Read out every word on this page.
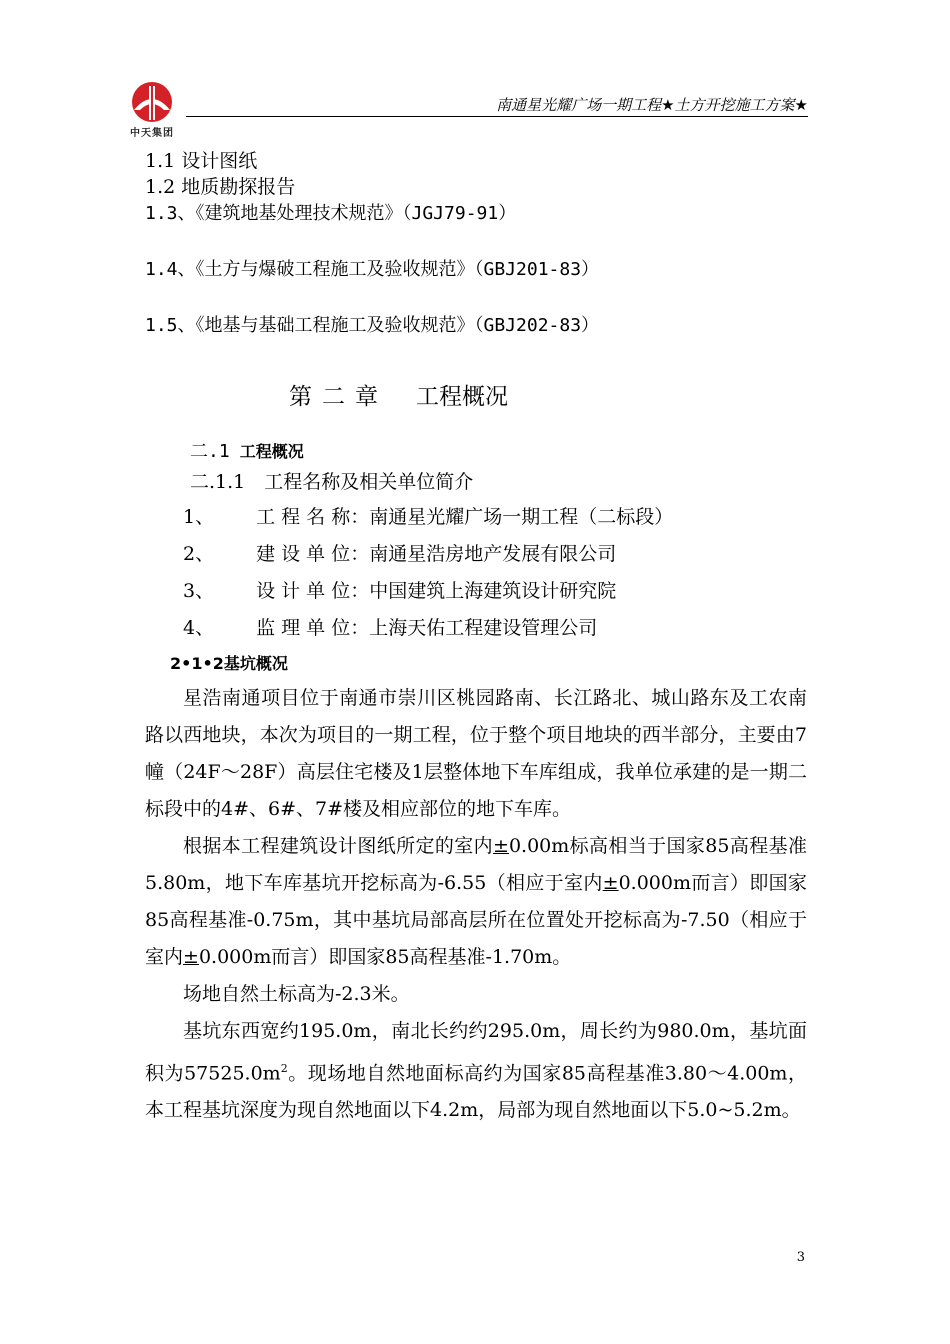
中天集团
南通星光耀广场一期工程★土方开挖施工方案★
1.1 设计图纸
1.2 地质勘探报告
1.3、《建筑地基处理技术规范》（JGJ79-91）
1.4、《土方与爆破工程施工及验收规范》（GBJ201-83）
1.5、《地基与基础工程施工及验收规范》（GBJ202-83）
第二章 工程概况
二.1 工程概况
二.1.1　工程名称及相关单位简介
1、 工 程 名 称：南通星光耀广场一期工程（二标段）
2、 建 设 单 位：南通星浩房地产发展有限公司
3、 设 计 单 位：中国建筑上海建筑设计研究院
4、 监 理 单 位：上海天佑工程建设管理公司
2•1•2基坑概况

星浩南通项目位于南通市崇川区桃园路南、长江路北、城山路东及工农南路以西地块，本次为项目的一期工程，位于整个项目地块的西半部分，主要由7幢（24F～28F）高层住宅楼及1层整体地下车库组成，我单位承建的是一期二标段中的4#、6#、7#楼及相应部位的地下车库。

根据本工程建筑设计图纸所定的室内±0.00m标高相当于国家85高程基准5.80m，地下车库基坑开挖标高为-6.55（相应于室内±0.000m而言）即国家85高程基准-0.75m，其中基坑局部高层所在位置处开挖标高为-7.50（相应于室内±0.000m而言）即国家85高程基准-1.70m。

场地自然土标高为-2.3米。

基坑东西宽约195.0m，南北长约约295.0m，周长约为980.0m，基坑面积为$57525.0m^2$。现场地自然地面标高约为国家85高程基准3.80～4.00m，本工程基坑深度为现自然地面以下4.2m，局部为现自然地面以下5.0~5.2m。

3
